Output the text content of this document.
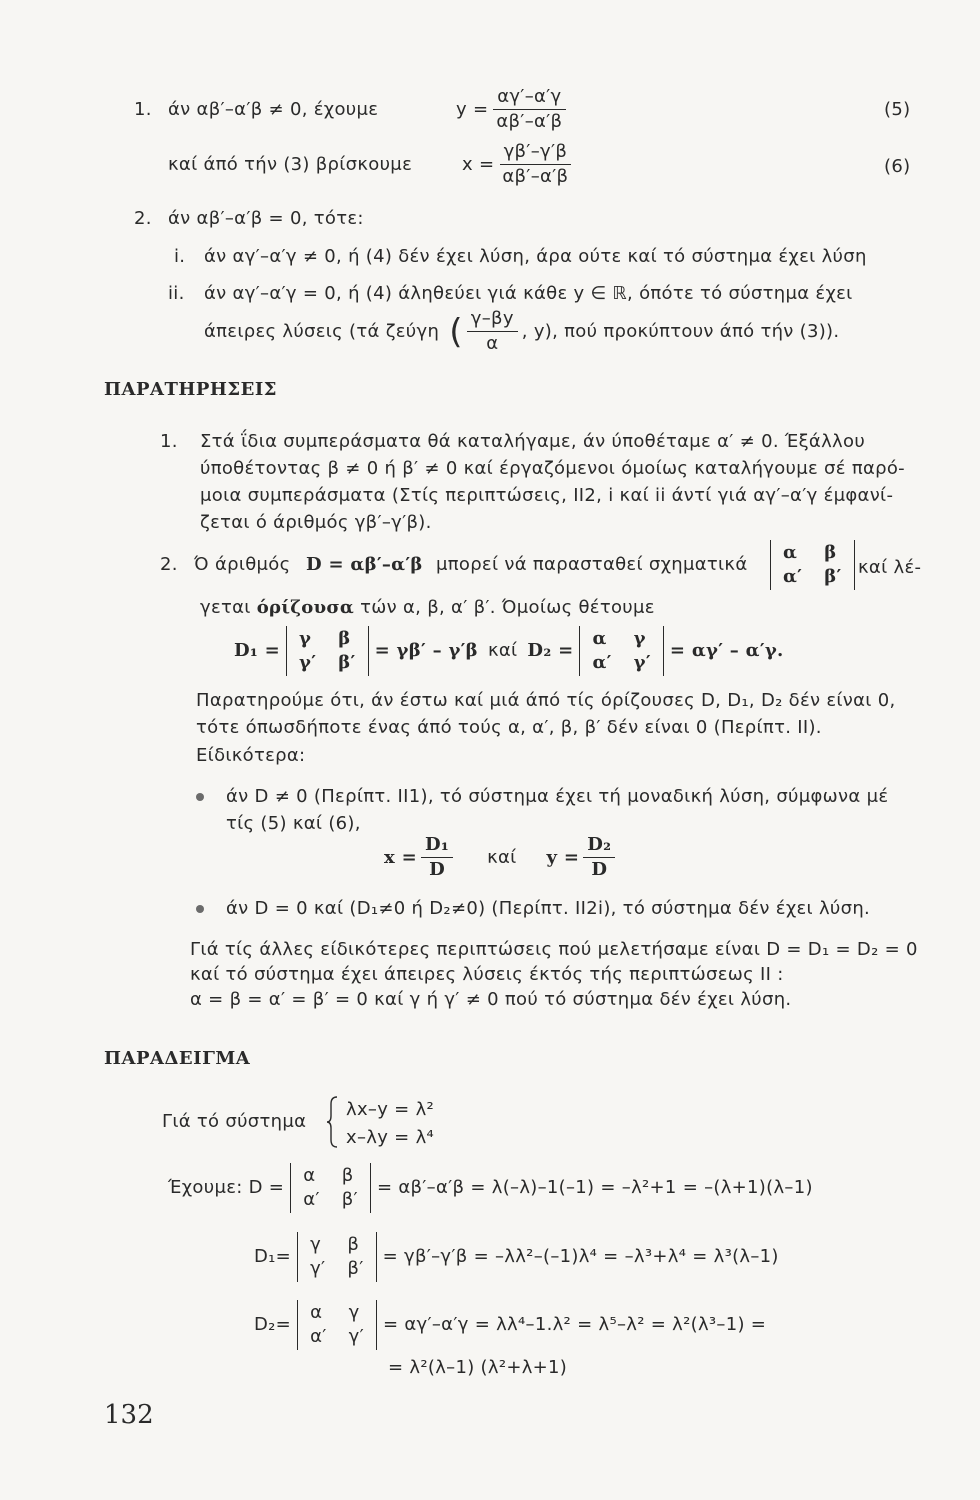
1. άν αβ′–α′β ≠ 0, έχουμε	$y = \frac{\alpha\gamma'-\alpha'\gamma}{\alpha\beta'-\alpha'\beta}$	(5)
καί άπό τήν (3) βρίσκουμε	$x = \frac{\gamma\beta'-\gamma'\beta}{\alpha\beta'-\alpha'\beta}$	(6)
2. άν αβ′–α′β = 0, τότε:
i. άν αγ′–α′γ ≠ 0, ή (4) δέν έχει λύση, άρα ούτε καί τό σύστημα έχει λύση
ii. άν αγ′–α′γ = 0, ή (4) άληθεύει γιά κάθε y ∈ ℝ, όπότε τό σύστημα έχει
άπειρες λύσεις (τά ζεύγη ( $\frac{\gamma-\beta y}{\alpha}$ , y), πού προκύπτουν άπό τήν (3)).
ΠΑΡΑΤΗΡΗΣΕΙΣ
1. Στά ΐδια συμπεράσματα θά καταλήγαμε, άν ύποθέταμε α′ ≠ 0. Έξάλλου
ύποθέτοντας β ≠ 0 ή β′ ≠ 0 καί έργαζόμενοι όμοίως καταλήγουμε σέ παρό-
μοια συμπεράσματα (Στίς περιπτώσεις, II2, i καί ii άντί γιά αγ′–α′γ έμφανί-
ζεται ό άριθμός γβ′–γ′β).
2. Ό άριθμός D = αβ′–α′β μπορεί νά παρασταθεί σχηματικά
α β
α′ β′ καί λέ-
γεται όρίζουσα τών α, β, α′ β′. Όμοίως θέτουμε
D₁ =
γ β
γ′ β′
= γβ′ – γ′β καί D₂ =
α γ
α′ γ′
= αγ′ – α′γ.
Παρατηρούμε ότι, άν έστω καί μιά άπό τίς όρίζουσες D, D₁, D₂ δέν είναι 0,
τότε όπωσδήποτε ένας άπό τούς α, α′, β, β′ δέν είναι 0 (Περίπτ. II).
Είδικότερα:
άν D ≠ 0 (Περίπτ. II1), τό σύστημα έχει τή μοναδική λύση, σύμφωνα μέ
τίς (5) καί (6),
$x = \frac{\text{D₁}}{D}$ καί $y = \frac{\text{D₂}}{D}$
άν D = 0 καί (D₁≠0 ή D₂≠0) (Περίπτ. II2i), τό σύστημα δέν έχει λύση.
Γιά τίς άλλες είδικότερες περιπτώσεις πού μελετήσαμε είναι D = D₁ = D₂ = 0
καί τό σύστημα έχει άπειρες λύσεις έκτός τής περιπτώσεως II :
α = β = α′ = β′ = 0 καί γ ή γ′ ≠ 0 πού τό σύστημα δέν έχει λύση.
ΠΑΡΑΔΕΙΓΜΑ
Γιά τό σύστημα
λx–y = λ²
x–λy = λ⁴
Έχουμε: D =
α β
α′ β′
= αβ′–α′β = λ(–λ)–1(–1) = –λ²+1 = –(λ+1)(λ–1)
D₁=
γ β
γ′ β′
= γβ′–γ′β = –λλ²–(–1)λ⁴ = –λ³+λ⁴ = λ³(λ–1)
D₂=
α γ
α′ γ′
= αγ′–α′γ = λλ⁴–1.λ² = λ⁵–λ² = λ²(λ³–1) =
= λ²(λ–1) (λ²+λ+1)
132
